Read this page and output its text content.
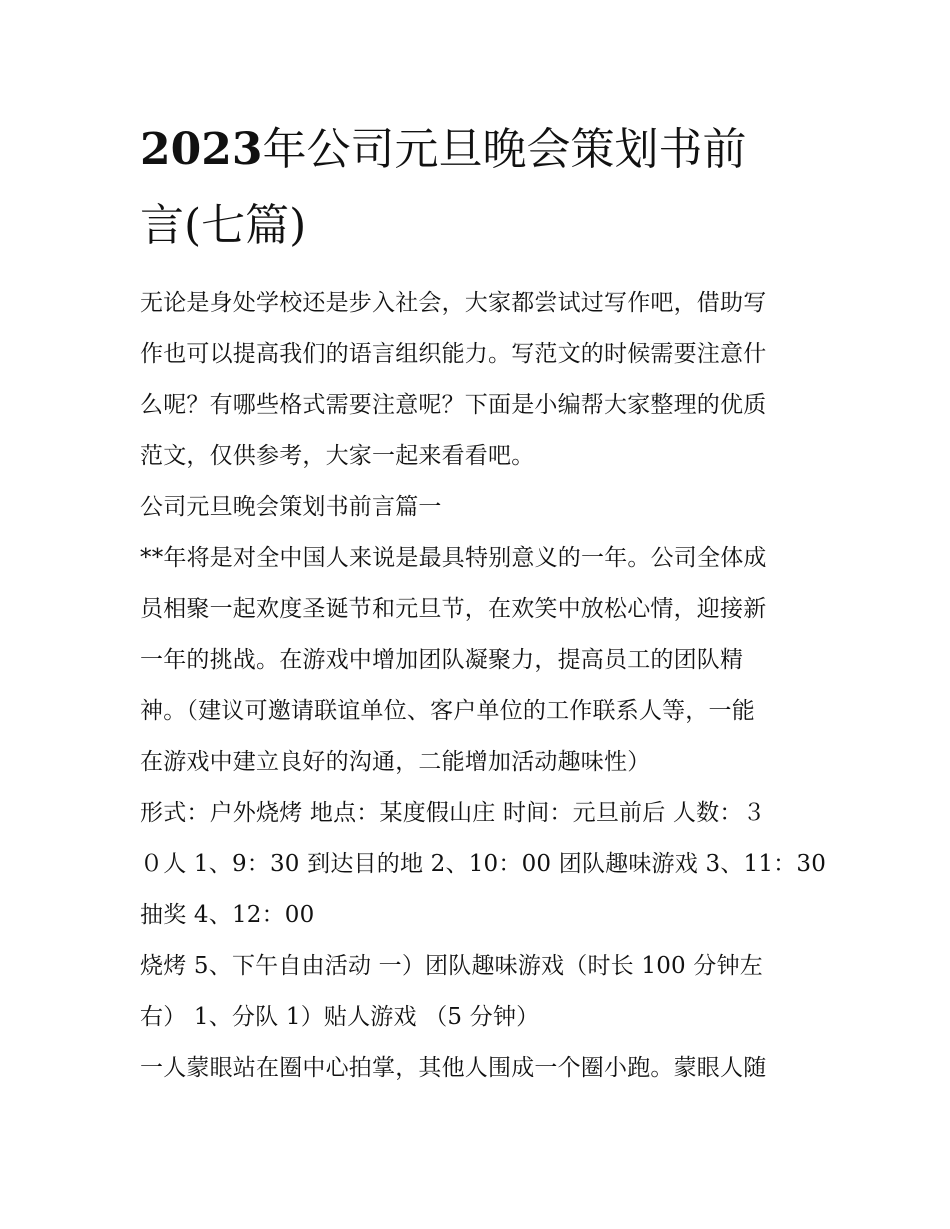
2023年公司元旦晚会策划书前
言(七篇)
无论是身处学校还是步入社会，大家都尝试过写作吧，借助写
作也可以提高我们的语言组织能力。写范文的时候需要注意什
么呢？有哪些格式需要注意呢？下面是小编帮大家整理的优质
范文，仅供参考，大家一起来看看吧。
公司元旦晚会策划书前言篇一
**年将是对全中国人来说是最具特别意义的一年。公司全体成
员相聚一起欢度圣诞节和元旦节，在欢笑中放松心情，迎接新
一年的挑战。在游戏中增加团队凝聚力，提高员工的团队精
神。（建议可邀请联谊单位、客户单位的工作联系人等，一能
在游戏中建立良好的沟通，二能增加活动趣味性）
形式：户外烧烤 地点：某度假山庄 时间：元旦前后 人数：３
０人 1、9：30 到达目的地 2、10：00 团队趣味游戏 3、11：30
抽奖 4、12：00
烧烤 5、下午自由活动 一）团队趣味游戏（时长 100 分钟左
右） 1、分队 1）贴人游戏 （5 分钟）
一人蒙眼站在圈中心拍掌，其他人围成一个圈小跑。蒙眼人随
